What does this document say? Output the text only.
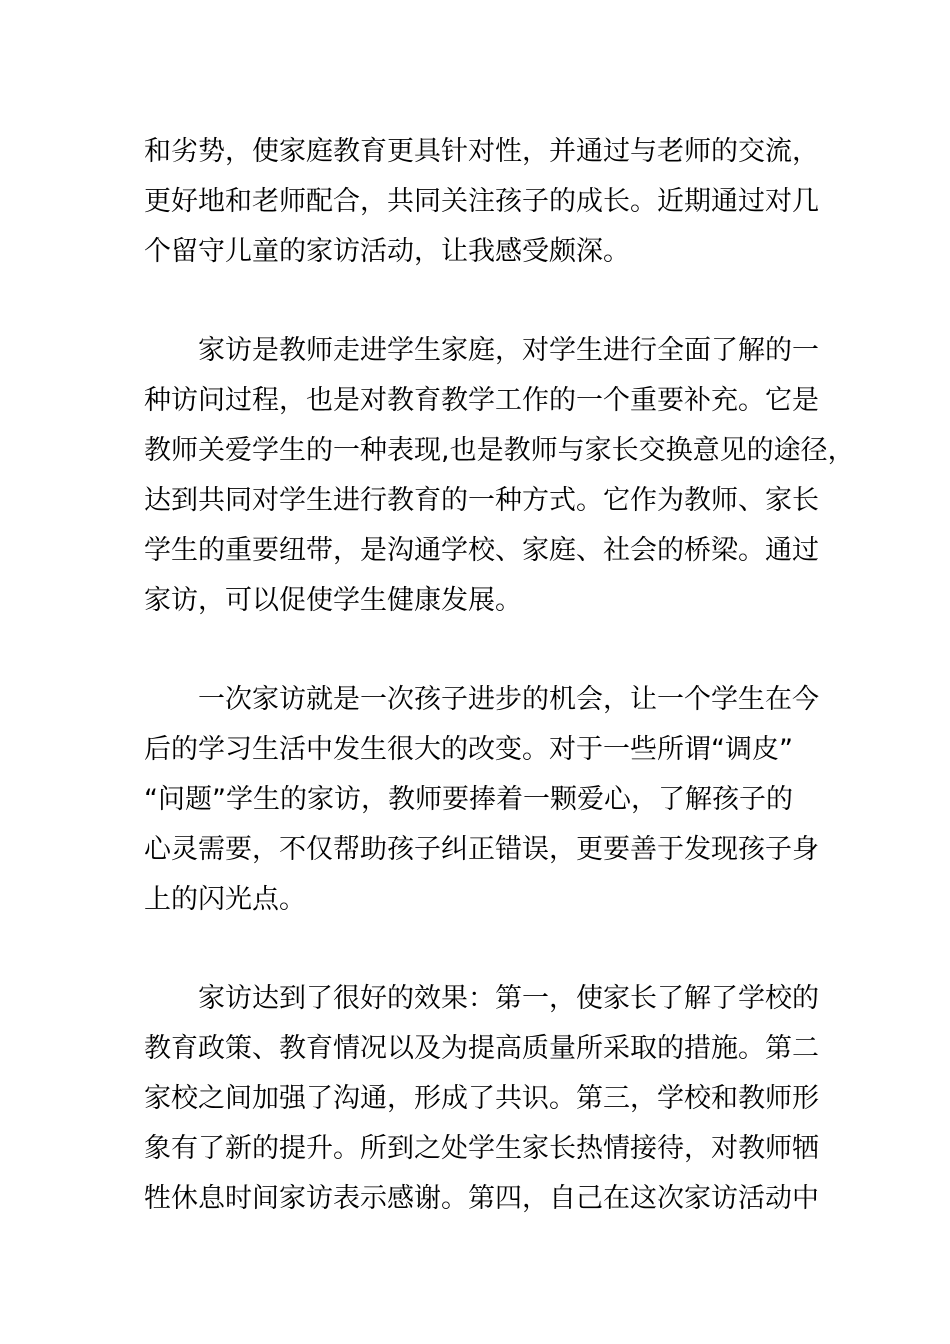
和劣势，使家庭教育更具针对性，并通过与老师的交流，
更好地和老师配合，共同关注孩子的成长。近期通过对几
个留守儿童的家访活动，让我感受颇深。
家访是教师走进学生家庭，对学生进行全面了解的一
种访问过程，也是对教育教学工作的一个重要补充。它是
教师关爱学生的一种表现,也是教师与家长交换意见的途径，
达到共同对学生进行教育的一种方式。它作为教师、家长
学生的重要纽带，是沟通学校、家庭、社会的桥梁。通过
家访，可以促使学生健康发展。
一次家访就是一次孩子进步的机会，让一个学生在今
后的学习生活中发生很大的改变。对于一些所谓“调皮”
“问题”学生的家访，教师要捧着一颗爱心，了解孩子的
心灵需要，不仅帮助孩子纠正错误，更要善于发现孩子身
上的闪光点。
家访达到了很好的效果：第一，使家长了解了学校的
教育政策、教育情况以及为提高质量所采取的措施。第二
家校之间加强了沟通，形成了共识。第三，学校和教师形
象有了新的提升。所到之处学生家长热情接待，对教师牺
牲休息时间家访表示感谢。第四，自己在这次家访活动中
